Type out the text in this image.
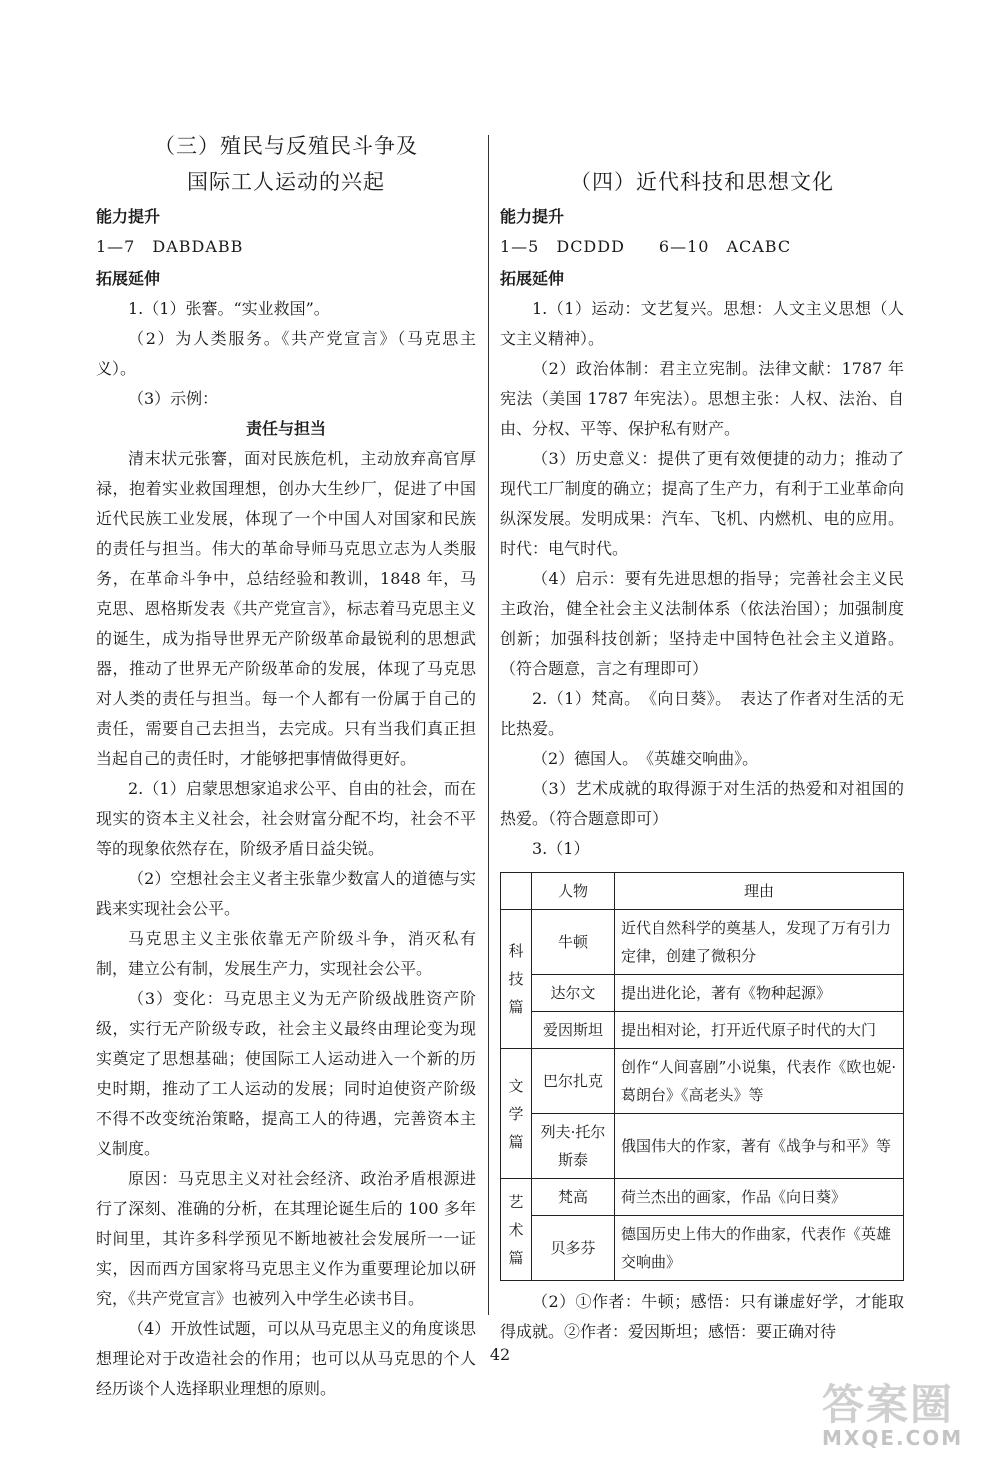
（三）殖民与反殖民斗争及
国际工人运动的兴起
能力提升
1—7　DABDABB
拓展延伸

1.（1）张謇。“实业救国”。

（2）为人类服务。《共产党宣言》（马克思主义）。

（3）示例：

责任与担当

清末状元张謇，面对民族危机，主动放弃高官厚禄，抱着实业救国理想，创办大生纱厂，促进了中国近代民族工业发展，体现了一个中国人对国家和民族的责任与担当。伟大的革命导师马克思立志为人类服务，在革命斗争中，总结经验和教训，1848 年，马克思、恩格斯发表《共产党宣言》，标志着马克思主义的诞生，成为指导世界无产阶级革命最锐利的思想武器，推动了世界无产阶级革命的发展，体现了马克思对人类的责任与担当。每一个人都有一份属于自己的责任，需要自己去担当，去完成。只有当我们真正担当起自己的责任时，才能够把事情做得更好。

2.（1）启蒙思想家追求公平、自由的社会，而在现实的资本主义社会，社会财富分配不均，社会不平等的现象依然存在，阶级矛盾日益尖锐。

（2）空想社会主义者主张靠少数富人的道德与实践来实现社会公平。

马克思主义主张依靠无产阶级斗争，消灭私有制，建立公有制，发展生产力，实现社会公平。

（3）变化：马克思主义为无产阶级战胜资产阶级，实行无产阶级专政，社会主义最终由理论变为现实奠定了思想基础；使国际工人运动进入一个新的历史时期，推动了工人运动的发展；同时迫使资产阶级不得不改变统治策略，提高工人的待遇，完善资本主义制度。

原因：马克思主义对社会经济、政治矛盾根源进行了深刻、准确的分析，在其理论诞生后的 100 多年时间里，其许多科学预见不断地被社会发展所一一证实，因而西方国家将马克思主义作为重要理论加以研究，《共产党宣言》也被列入中学生必读书目。

（4）开放性试题，可以从马克思主义的角度谈思想理论对于改造社会的作用；也可以从马克思的个人经历谈个人选择职业理想的原则。

（四）近代科技和思想文化
能力提升
1—5　DCDDD　　6—10　ACABC
拓展延伸

1.（1）运动：文艺复兴。思想：人文主义思想（人文主义精神）。

（2）政治体制：君主立宪制。法律文献：1787 年宪法（美国 1787 年宪法）。思想主张：人权、法治、自由、分权、平等、保护私有财产。

（3）历史意义：提供了更有效便捷的动力；推动了现代工厂制度的确立；提高了生产力，有利于工业革命向纵深发展。发明成果：汽车、飞机、内燃机、电的应用。时代：电气时代。

（4）启示：要有先进思想的指导；完善社会主义民主政治，健全社会主义法制体系（依法治国）；加强制度创新；加强科技创新；坚持走中国特色社会主义道路。（符合题意，言之有理即可）

2.（1）梵高。　《向日葵》。　表达了作者对生活的无比热爱。

（2）德国人。　《英雄交响曲》。

（3）艺术成就的取得源于对生活的热爱和对祖国的热爱。（符合题意即可）

3.（1）

	人物	理由
科技篇	牛顿	近代自然科学的奠基人，发现了万有引力定律，创建了微积分
	达尔文	提出进化论，著有《物种起源》
	爱因斯坦	提出相对论，打开近代原子时代的大门
文学篇	巴尔扎克	创作“人间喜剧”小说集，代表作《欧也妮·葛朗台》《高老头》等
	列夫·托尔斯泰	俄国伟大的作家，著有《战争与和平》等
艺术篇	梵高	荷兰杰出的画家，作品《向日葵》
	贝多芬	德国历史上伟大的作曲家，代表作《英雄交响曲》

（2）①作者：牛顿；感悟：只有谦虚好学，才能取得成就。②作者：爱因斯坦；感悟：要正确对待

42
答案圈
MXQE.COM
